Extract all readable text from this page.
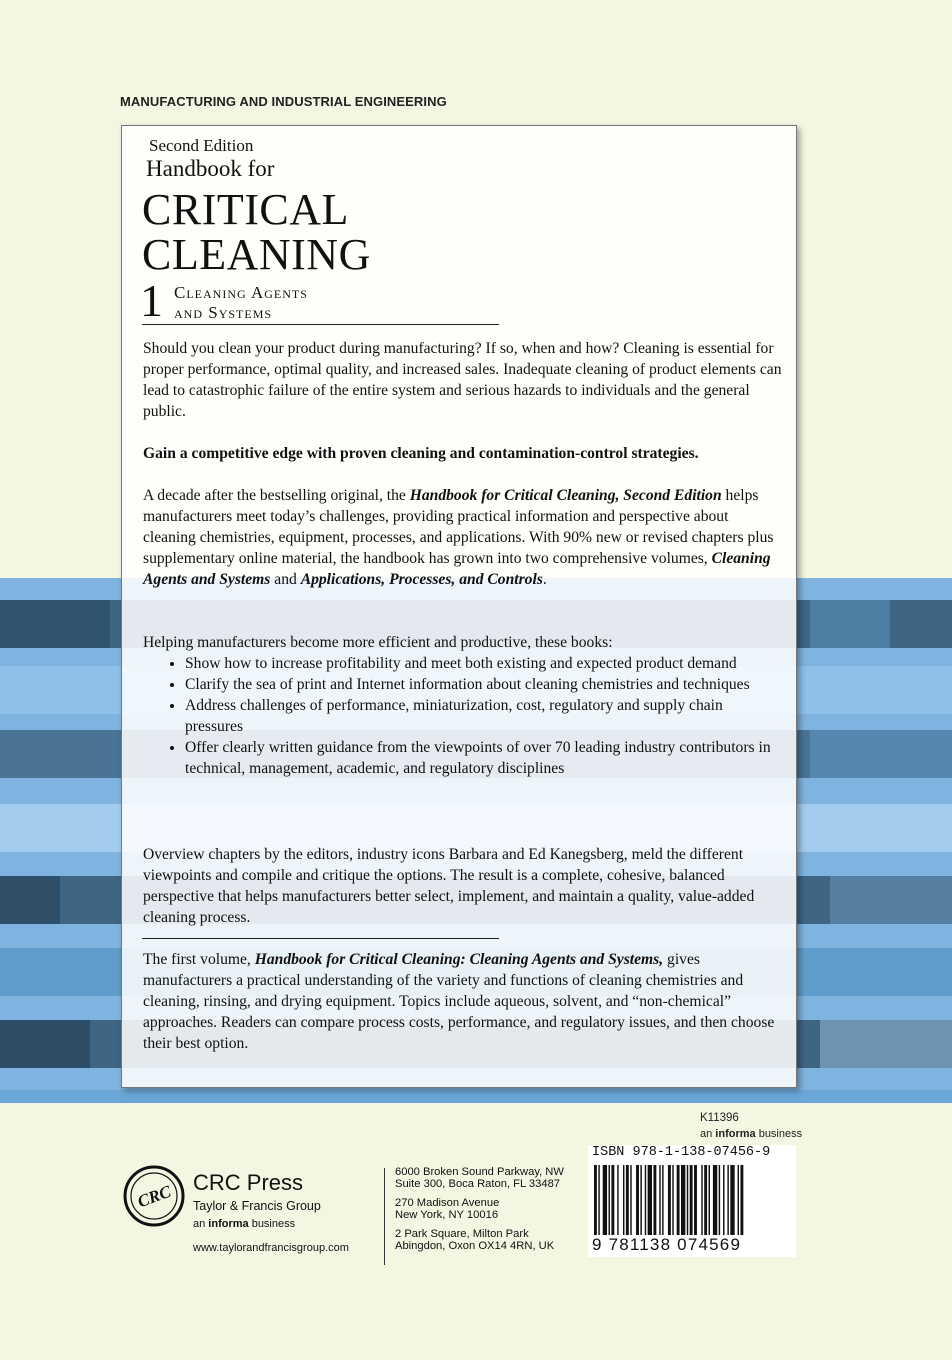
MANUFACTURING AND INDUSTRIAL ENGINEERING
Second Edition
Handbook for
CRITICAL
CLEANING
1 Cleaning Agents
and Systems

Should you clean your product during manufacturing? If so, when and how? Cleaning is essential for proper performance, optimal quality, and increased sales. Inadequate cleaning of product elements can lead to catastrophic failure of the entire system and serious hazards to individuals and the general public.

Gain a competitive edge with proven cleaning and contamination-control strategies.

A decade after the bestselling original, the Handbook for Critical Cleaning, Second Edition helps manufacturers meet today’s challenges, providing practical information and perspective about cleaning chemistries, equipment, processes, and applications. With 90% new or revised chapters plus supplementary online material, the handbook has grown into two comprehensive volumes, Cleaning Agents and Systems and Applications, Processes, and Controls.

Helping manufacturers become more efficient and productive, these books:

• Show how to increase profitability and meet both existing and expected product demand
• Clarify the sea of print and Internet information about cleaning chemistries and techniques
• Address challenges of performance, miniaturization, cost, regulatory and supply chain pressures
• Offer clearly written guidance from the viewpoints of over 70 leading industry contributors in technical, management, academic, and regulatory disciplines

Overview chapters by the editors, industry icons Barbara and Ed Kanegsberg, meld the different viewpoints and compile and critique the options. The result is a complete, cohesive, balanced perspective that helps manufacturers better select, implement, and maintain a quality, value-added cleaning process.

The first volume, Handbook for Critical Cleaning: Cleaning Agents and Systems, gives manufacturers a practical understanding of the variety and functions of cleaning chemistries and cleaning, rinsing, and drying equipment. Topics include aqueous, solvent, and “non-chemical” approaches. Readers can compare process costs, performance, and regulatory issues, and then choose their best option.

K11396
an informa business
CRC CRC Press
Taylor & Francis Group
an informa business
www.taylorandfrancisgroup.com
6000 Broken Sound Parkway, NW
Suite 300, Boca Raton, FL 33487
270 Madison Avenue
New York, NY 10016
2 Park Square, Milton Park
Abingdon, Oxon OX14 4RN, UK
ISBN 978-1-138-07456-9
9 781138 074569
